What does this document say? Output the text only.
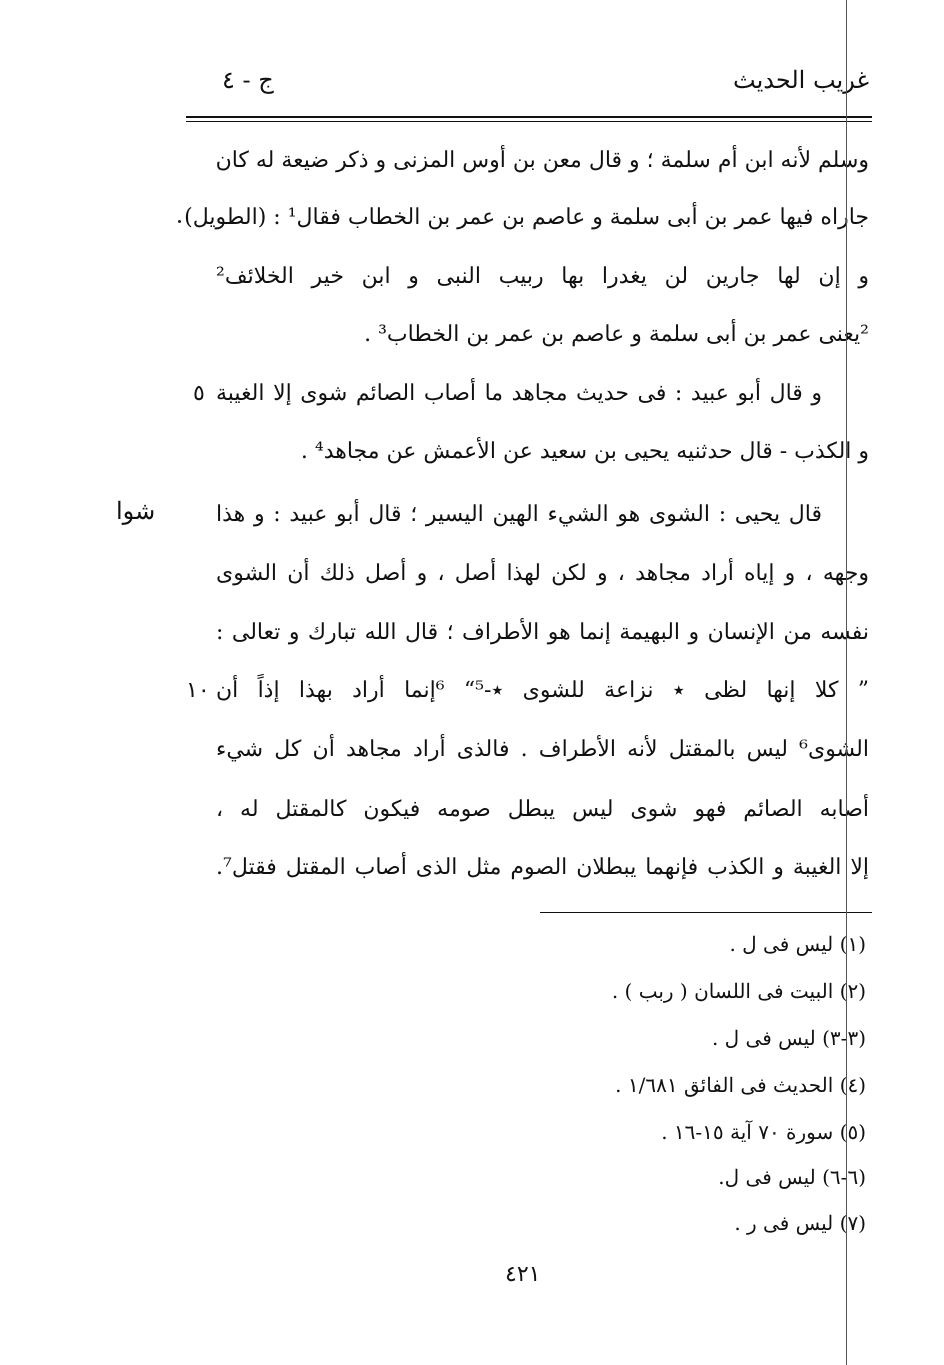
غريب الحديث
ج - ٤
وسلم لأنه ابن أم سلمة ؛ و قال معن بن أوس المزنى و ذكر ضيعة له كان
جاراه فيها عمر بن أبى سلمة و عاصم بن عمر بن الخطاب فقال¹ : (الطويل)
و إن لها جارين لن يغدرا بها ربيب النبى و ابن خير الخلائف²
²يعنى عمر بن أبى سلمة و عاصم بن عمر بن الخطاب³ .
و قال أبو عبيد : فى حديث مجاهد ما أصاب الصائم شوى إلا الغيبة
٥
و الكذب - قال حدثنيه يحيى بن سعيد عن الأعمش عن مجاهد⁴ .
قال يحيى : الشوى هو الشيء الهين اليسير ؛ قال أبو عبيد : و هذا
شوا
وجهه ، و إياه أراد مجاهد ، و لكن لهذا أصل ، و أصل ذلك أن الشوى
نفسه من الإنسان و البهيمة إنما هو الأطراف ؛ قال الله تبارك و تعالى :
” كلا إنها لظى ٭ نزاعة للشوى ٭-⁵“ ⁶إنما أراد بهذا إذاً أن
١٠
الشوى⁶ ليس بالمقتل لأنه الأطراف . فالذى أراد مجاهد أن كل شيء
أصابه الصائم فهو شوى ليس يبطل صومه فيكون كالمقتل له ،
إلا الغيبة و الكذب فإنهما يبطلان الصوم مثل الذى أصاب المقتل فقتل⁷.
(١) ليس فى ل .
(٢) البيت فى اللسان ( ربب ) .
(٣-٣) ليس فى ل .
(٤) الحديث فى الفائق ١/٦٨١ .
(٥) سورة ٧٠ آية ١٥-١٦ .
(٦-٦) ليس فى ل.
(٧) ليس فى ر .
٤٢١
